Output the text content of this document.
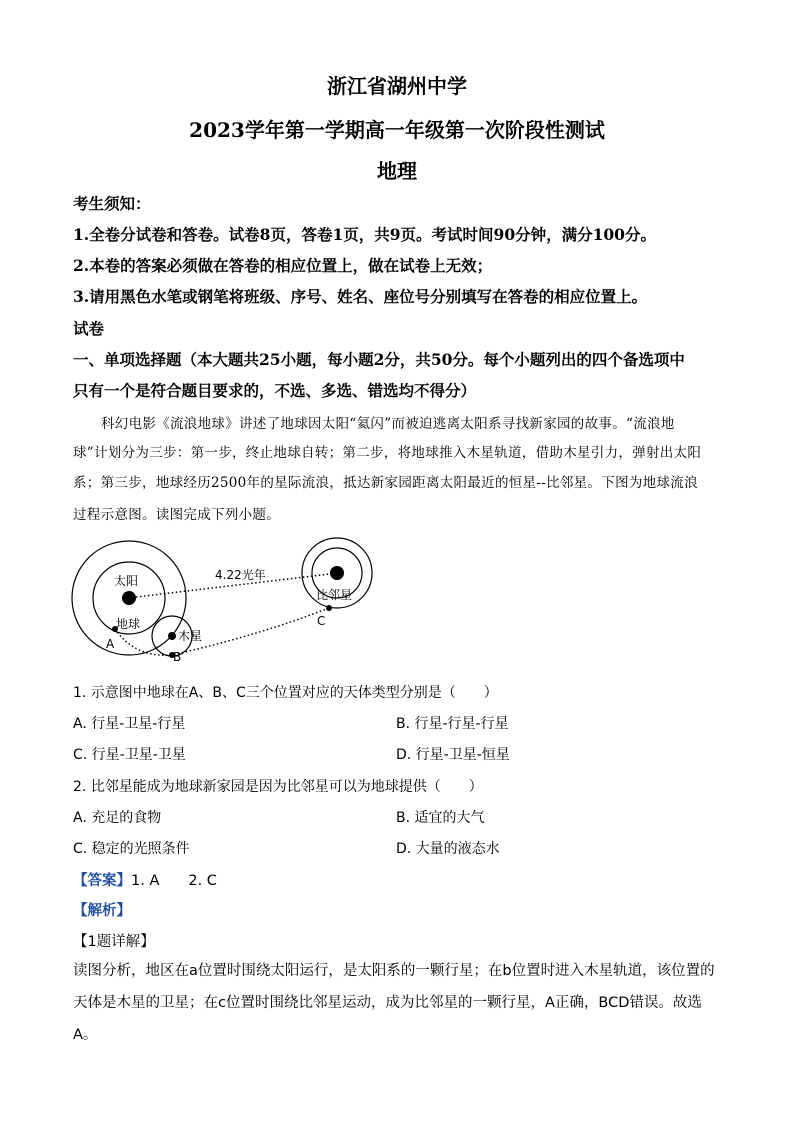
浙江省湖州中学
2023学年第一学期高一年级第一次阶段性测试
地理
考生须知：
1.全卷分试卷和答卷。试卷8页，答卷1页，共9页。考试时间90分钟，满分100分。
2.本卷的答案必须做在答卷的相应位置上，做在试卷上无效；
3.请用黑色水笔或钢笔将班级、序号、姓名、座位号分别填写在答卷的相应位置上。
试卷
一、单项选择题（本大题共25小题，每小题2分，共50分。每个小题列出的四个备选项中
只有一个是符合题目要求的，不选、多选、错选均不得分）
科幻电影《流浪地球》讲述了地球因太阳“氦闪”而被迫逃离太阳系寻找新家园的故事。“流浪地
球”计划分为三步：第一步，终止地球自转；第二步，将地球推入木星轨道，借助木星引力，弹射出太阳
系；第三步，地球经历2500年的星际流浪，抵达新家园距离太阳最近的恒星--比邻星。下图为地球流浪
过程示意图。读图完成下列小题。
太阳
地球
木星
比邻星
4.22光年
A
B
C
1. 示意图中地球在A、B、C三个位置对应的天体类型分别是（　　）
A. 行星-卫星-行星	B. 行星-行星-行星
C. 行星-卫星-卫星	D. 行星-卫星-恒星
2. 比邻星能成为地球新家园是因为比邻星可以为地球提供（　　）
A. 充足的食物	B. 适宜的大气
C. 稳定的光照条件	D. 大量的液态水
【答案】1. A　　2. C
【解析】
【1题详解】
读图分析，地区在a位置时围绕太阳运行，是太阳系的一颗行星；在b位置时进入木星轨道，该位置的天体是木星的卫星；在c位置时围绕比邻星运动，成为比邻星的一颗行星，A正确，BCD错误。故选A。
